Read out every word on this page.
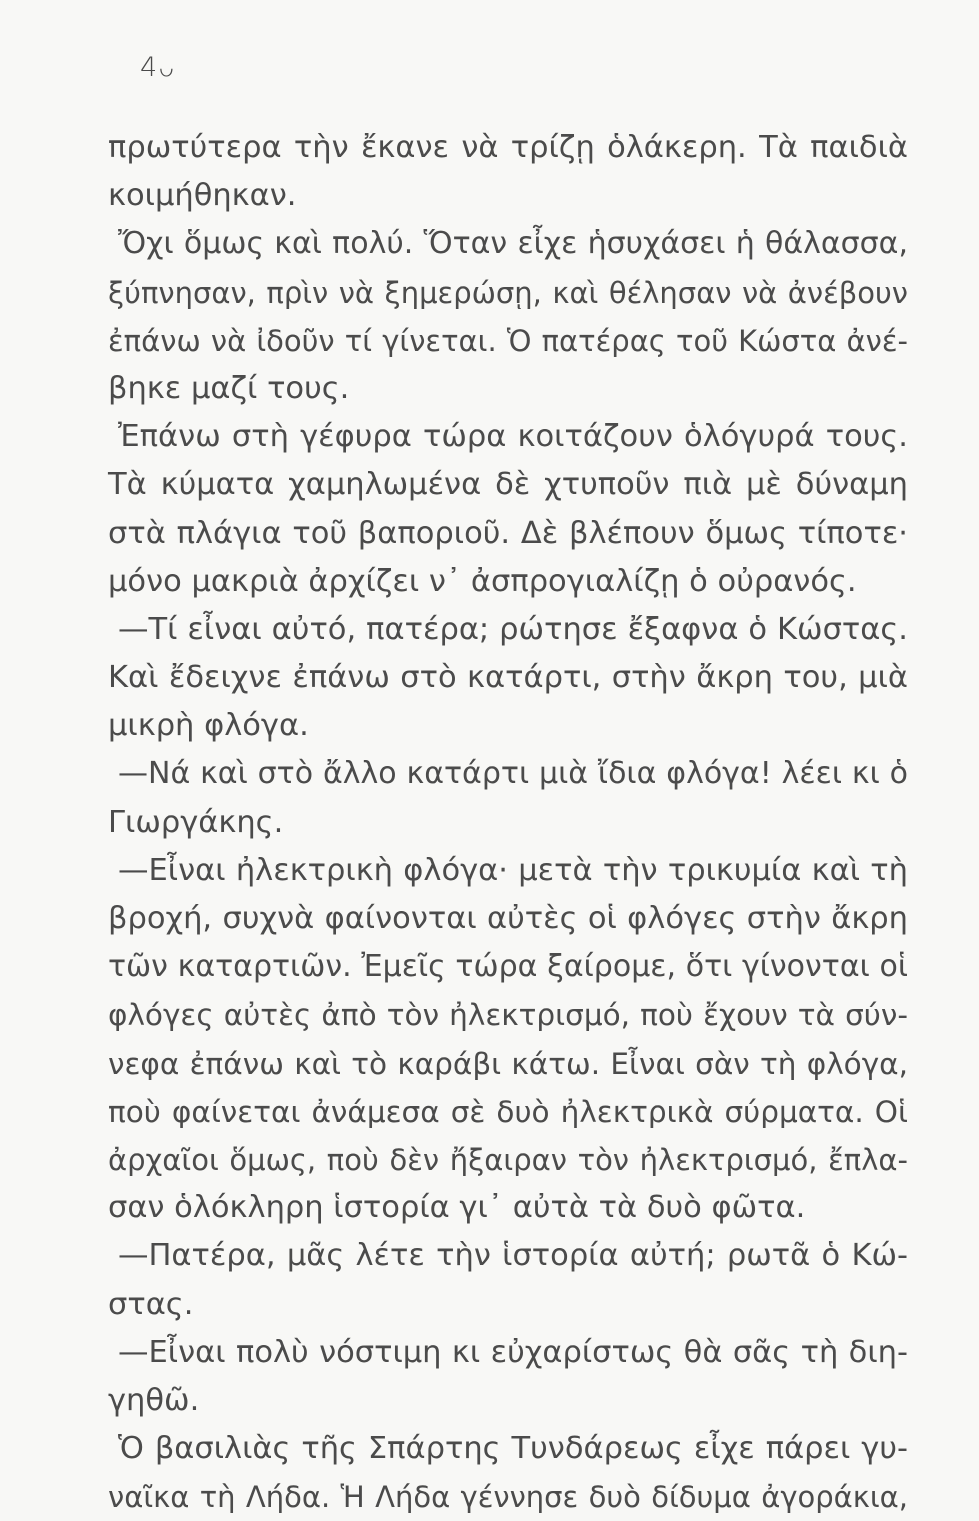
4ᴗ
πρωτύτερα τὴν ἔκανε νὰ τρίζῃ ὁλάκερη. Τὰ παιδιὰ
κοιμήθηκαν.
Ὄχι ὅμως καὶ πολύ. Ὅταν εἶχε ἡσυχάσει ἡ θάλασσα,
ξύπνησαν, πρὶν νὰ ξημερώσῃ, καὶ θέλησαν νὰ ἀνέβουν
ἐπάνω νὰ ἰδοῦν τί γίνεται. Ὁ πατέρας τοῦ Κώστα ἀνέ-
βηκε μαζί τους.
Ἐπάνω στὴ γέφυρα τώρα κοιτάζουν ὁλόγυρά τους.
Τὰ κύματα χαμηλωμένα δὲ χτυποῦν πιὰ μὲ δύναμη
στὰ πλάγια τοῦ βαποριοῦ. Δὲ βλέπουν ὅμως τίποτε·
μόνο μακριὰ ἀρχίζει ν᾿ ἀσπρογιαλίζῃ ὁ οὐρανός.
—Τί εἶναι αὐτό, πατέρα; ρώτησε ἔξαφνα ὁ Κώστας.
Καὶ ἔδειχνε ἐπάνω στὸ κατάρτι, στὴν ἄκρη του, μιὰ
μικρὴ φλόγα.
—Νά καὶ στὸ ἄλλο κατάρτι μιὰ ἴδια φλόγα! λέει κι ὁ
Γιωργάκης.
—Εἶναι ἠλεκτρικὴ φλόγα· μετὰ τὴν τρικυμία καὶ τὴ
βροχή, συχνὰ φαίνονται αὐτὲς οἱ φλόγες στὴν ἄκρη
τῶν καταρτιῶν. Ἐμεῖς τώρα ξαίρομε, ὅτι γίνονται οἱ
φλόγες αὐτὲς ἀπὸ τὸν ἠλεκτρισμό, ποὺ ἔχουν τὰ σύν-
νεφα ἐπάνω καὶ τὸ καράβι κάτω. Εἶναι σὰν τὴ φλόγα,
ποὺ φαίνεται ἀνάμεσα σὲ δυὸ ἠλεκτρικὰ σύρματα. Οἱ
ἀρχαῖοι ὅμως, ποὺ δὲν ἤξαιραν τὸν ἠλεκτρισμό, ἔπλα-
σαν ὁλόκληρη ἱστορία γι᾿ αὐτὰ τὰ δυὸ φῶτα.
—Πατέρα, μᾶς λέτε τὴν ἱστορία αὐτή; ρωτᾶ ὁ Κώ-
στας.
—Εἶναι πολὺ νόστιμη κι εὐχαρίστως θὰ σᾶς τὴ διη-
γηθῶ.
Ὁ βασιλιὰς τῆς Σπάρτης Τυνδάρεως εἶχε πάρει γυ-
ναῖκα τὴ Λήδα. Ἡ Λήδα γέννησε δυὸ δίδυμα ἀγοράκια,
